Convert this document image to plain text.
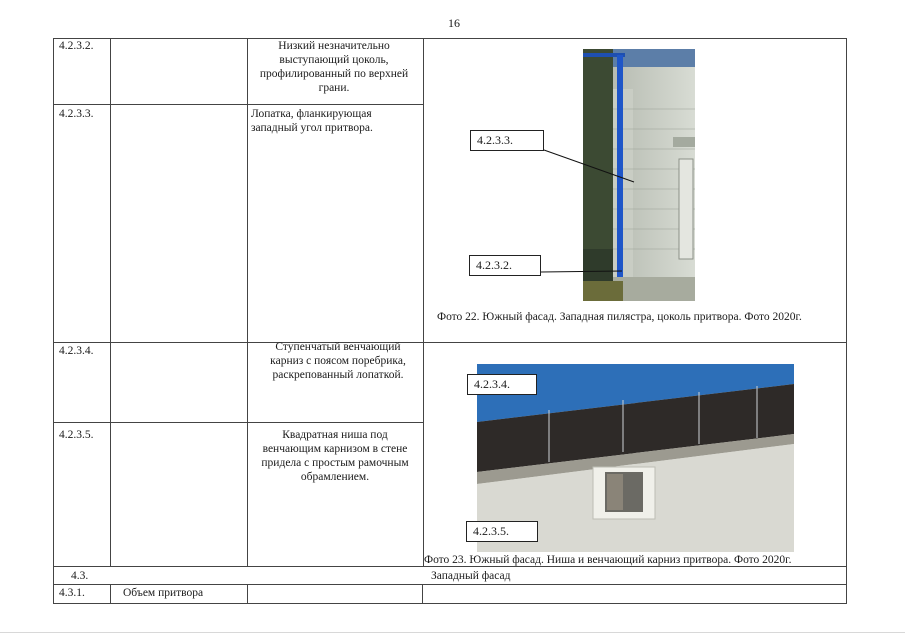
16
4.2.3.2.	Низкий незначительно выступающий цоколь, профилированный по верхней грани.
4.2.3.3.	Лопатка, фланкирующая западный угол притвора.
4.2.3.4.	Ступенчатый венчающий карниз с поясом поребрика, раскрепованный лопаткой.
4.2.3.5.	Квадратная ниша под венчающим карнизом в стене придела с простым рамочным обрамлением.
4.3.	Западный фасад
4.3.1.	Объем притвора
4.2.3.3.
4.2.3.2.
Фото 22. Южный фасад. Западная пилястра, цоколь притвора. Фото 2020г.
4.2.3.4.
4.2.3.5.
Фото 23. Южный фасад. Ниша и венчающий карниз притвора. Фото 2020г.
